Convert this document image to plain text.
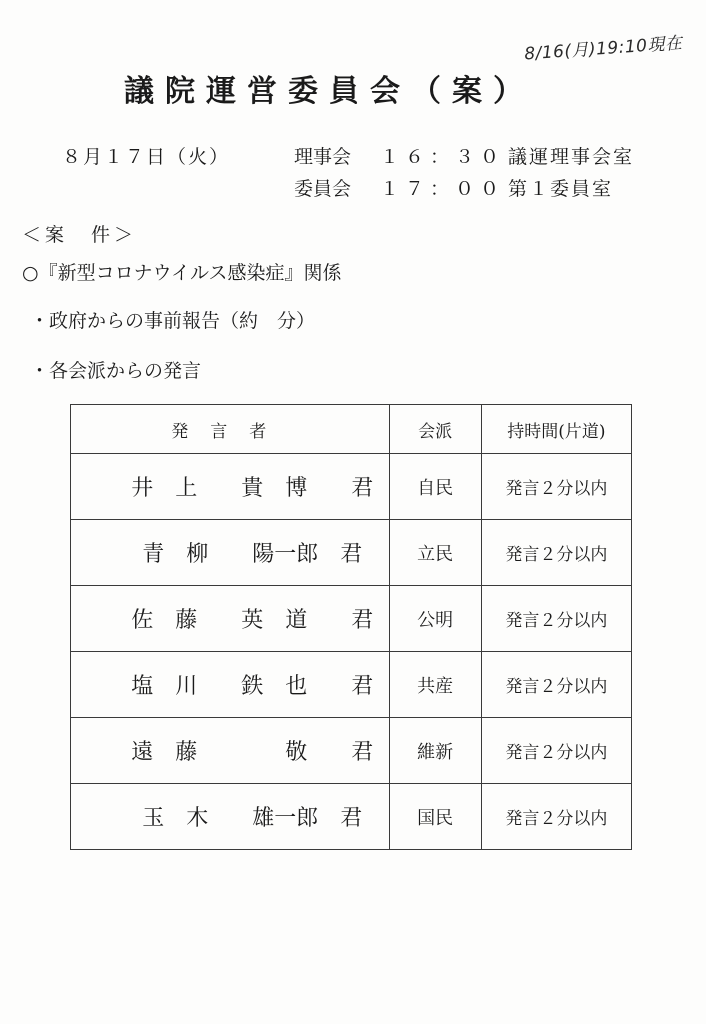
8/16(月)19:10現在
議院運営委員会（案）
８月１７日（火）	理事会	１６：３０ 議運理事会室
委員会	１７：００ 第１委員室
＜案　件＞
○『新型コロナウイルス感染症』関係
・政府からの事前報告（約　分）
・各会派からの発言
発言者	会派	持時間(片道)
井　上　　貴　博　　君	自民	発言２分以内
青　柳　　陽一郎　君	立民	発言２分以内
佐　藤　　英　道　　君	公明	発言２分以内
塩　川　　鉄　也　　君	共産	発言２分以内
遠　藤　　　　敬　　君	維新	発言２分以内
玉　木　　雄一郎　君	国民	発言２分以内
